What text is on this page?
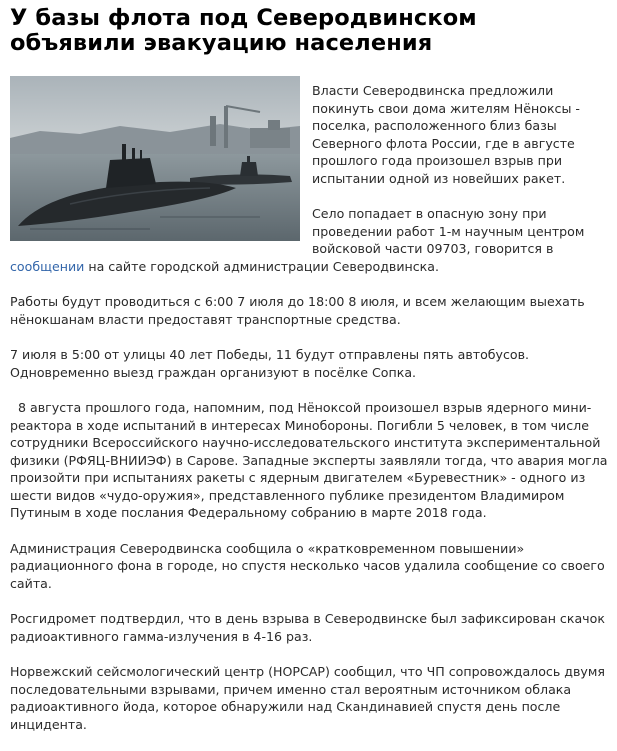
У базы флота под Северодвинском объявили эвакуацию населения

Власти Северодвинска предложили покинуть свои дома жителям Нёноксы - поселка, расположенного близ базы Северного флота России, где в августе прошлого года произошел взрыв при испытании одной из новейших ракет.

Село попадает в опасную зону при проведении работ 1-м научным центром войсковой части 09703, говорится в сообщении на сайте городской администрации Северодвинска.

Работы будут проводиться с 6:00 7 июля до 18:00 8 июля, и всем желающим выехать нёнокшанам власти предоставят транспортные средства.

7 июля в 5:00 от улицы 40 лет Победы, 11 будут отправлены пять автобусов. Одновременно выезд граждан организуют в посёлке Сопка.

8 августа прошлого года, напомним, под Нёноксой произошел взрыв ядерного мини-реактора в ходе испытаний в интересах Минобороны. Погибли 5 человек, в том числе сотрудники Всероссийского научно-исследовательского института экспериментальной физики (РФЯЦ-ВНИИЭФ) в Сарове. Западные эксперты заявляли тогда, что авария могла произойти при испытаниях ракеты с ядерным двигателем «Буревестник» - одного из шести видов «чудо-оружия», представленного публике президентом Владимиром Путиным в ходе послания Федеральному собранию в марте 2018 года.

Администрация Северодвинска сообщила о «кратковременном повышении» радиационного фона в городе, но спустя несколько часов удалила сообщение со своего сайта.

Росгидромет подтвердил, что в день взрыва в Северодвинске был зафиксирован скачок радиоактивного гамма-излучения в 4-16 раз.

Норвежский сейсмологический центр (НОРСАР) сообщил, что ЧП сопровождалось двумя последовательными взрывами, причем именно стал вероятным источником облака радиоактивного йода, которое обнаружили над Скандинавией спустя день после инцидента.
